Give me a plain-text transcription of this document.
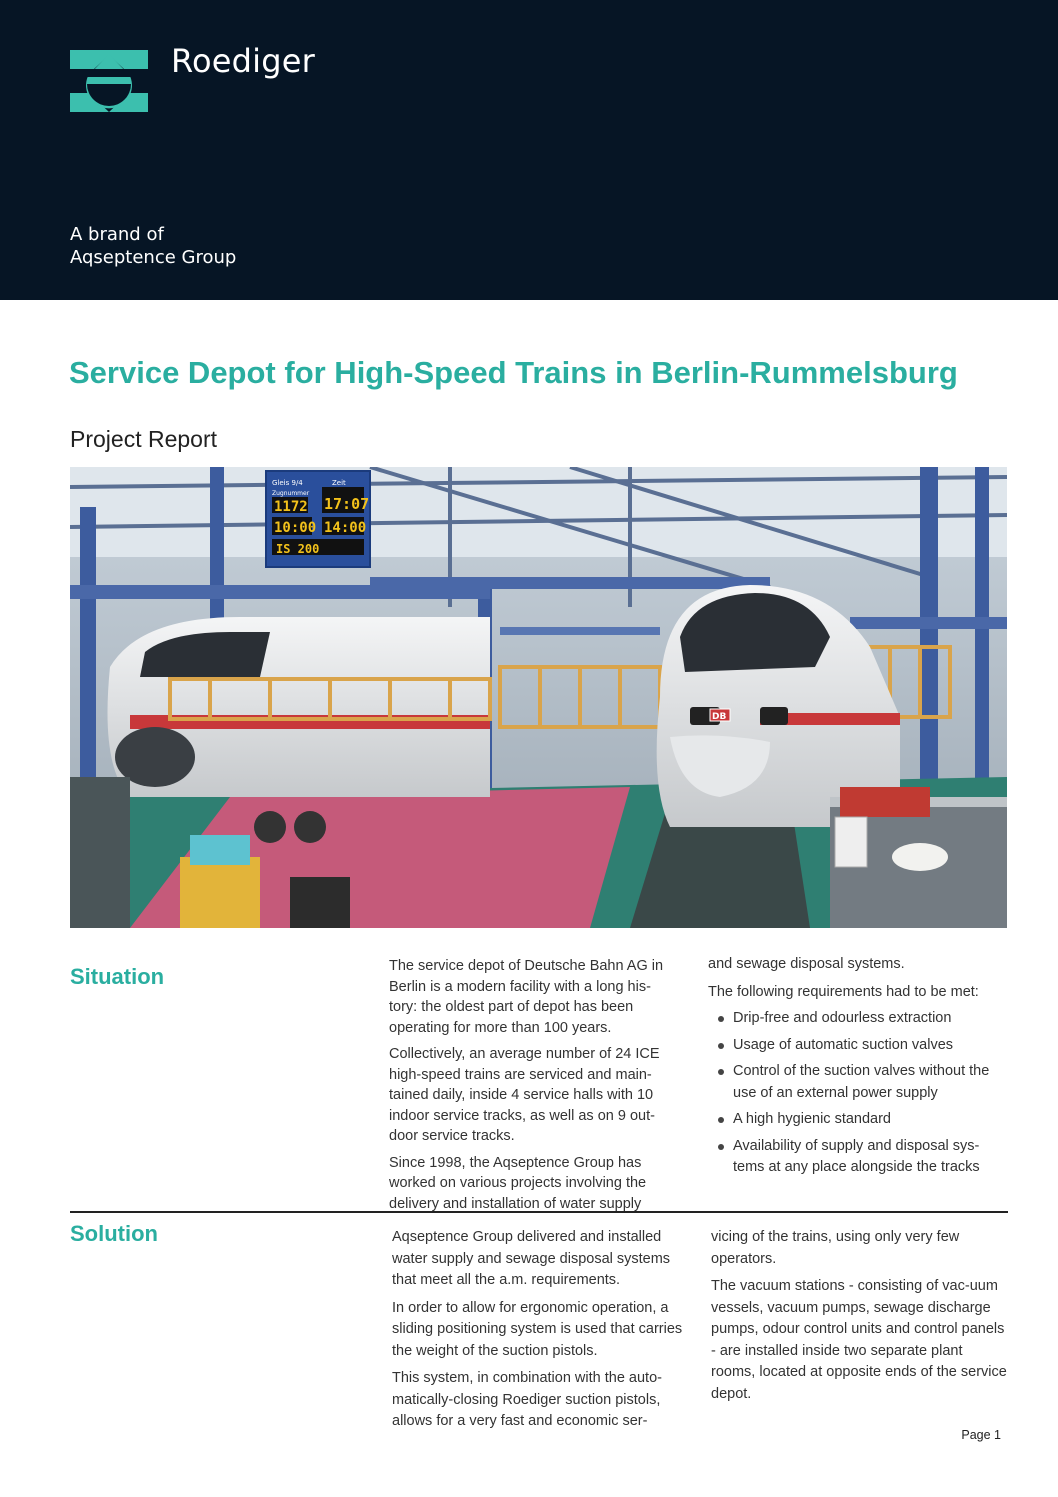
Roediger
A brand of
Aqseptence Group
Service Depot for High-Speed Trains in Berlin-Rummelsburg
Project Report
Gleis 9/4	Zeit
Zugnummer
1172 17:07
10:00 14:00
IS 200
DB
Situation	The service depot of Deutsche Bahn AG in Berlin is a modern facility with a long his-tory: the oldest part of depot has been operating for more than 100 years.

Collectively, an average number of 24 ICE high-speed trains are serviced and main-tained daily, inside 4 service halls with 10 indoor service tracks, as well as on 9 out-door service tracks.

Since 1998, the Aqseptence Group has worked on various projects involving the delivery and installation of water supply

and sewage disposal systems.

The following requirements had to be met:

Drip-free and odourless extraction
Usage of automatic suction valves
Control of the suction valves without the use of an external power supply
A high hygienic standard
Availability of supply and disposal sys-tems at any place alongside the tracks
Solution	Aqseptence Group delivered and installed water supply and sewage disposal systems that meet all the a.m. requirements.

In order to allow for ergonomic operation, a sliding positioning system is used that carries the weight of the suction pistols.

This system, in combination with the auto-matically-closing Roediger suction pistols, allows for a very fast and economic ser-

vicing of the trains, using only very few operators.

The vacuum stations - consisting of vac-uum vessels, vacuum pumps, sewage discharge pumps, odour control units and control panels - are installed inside two separate plant rooms, located at opposite ends of the service depot.

Page 1
